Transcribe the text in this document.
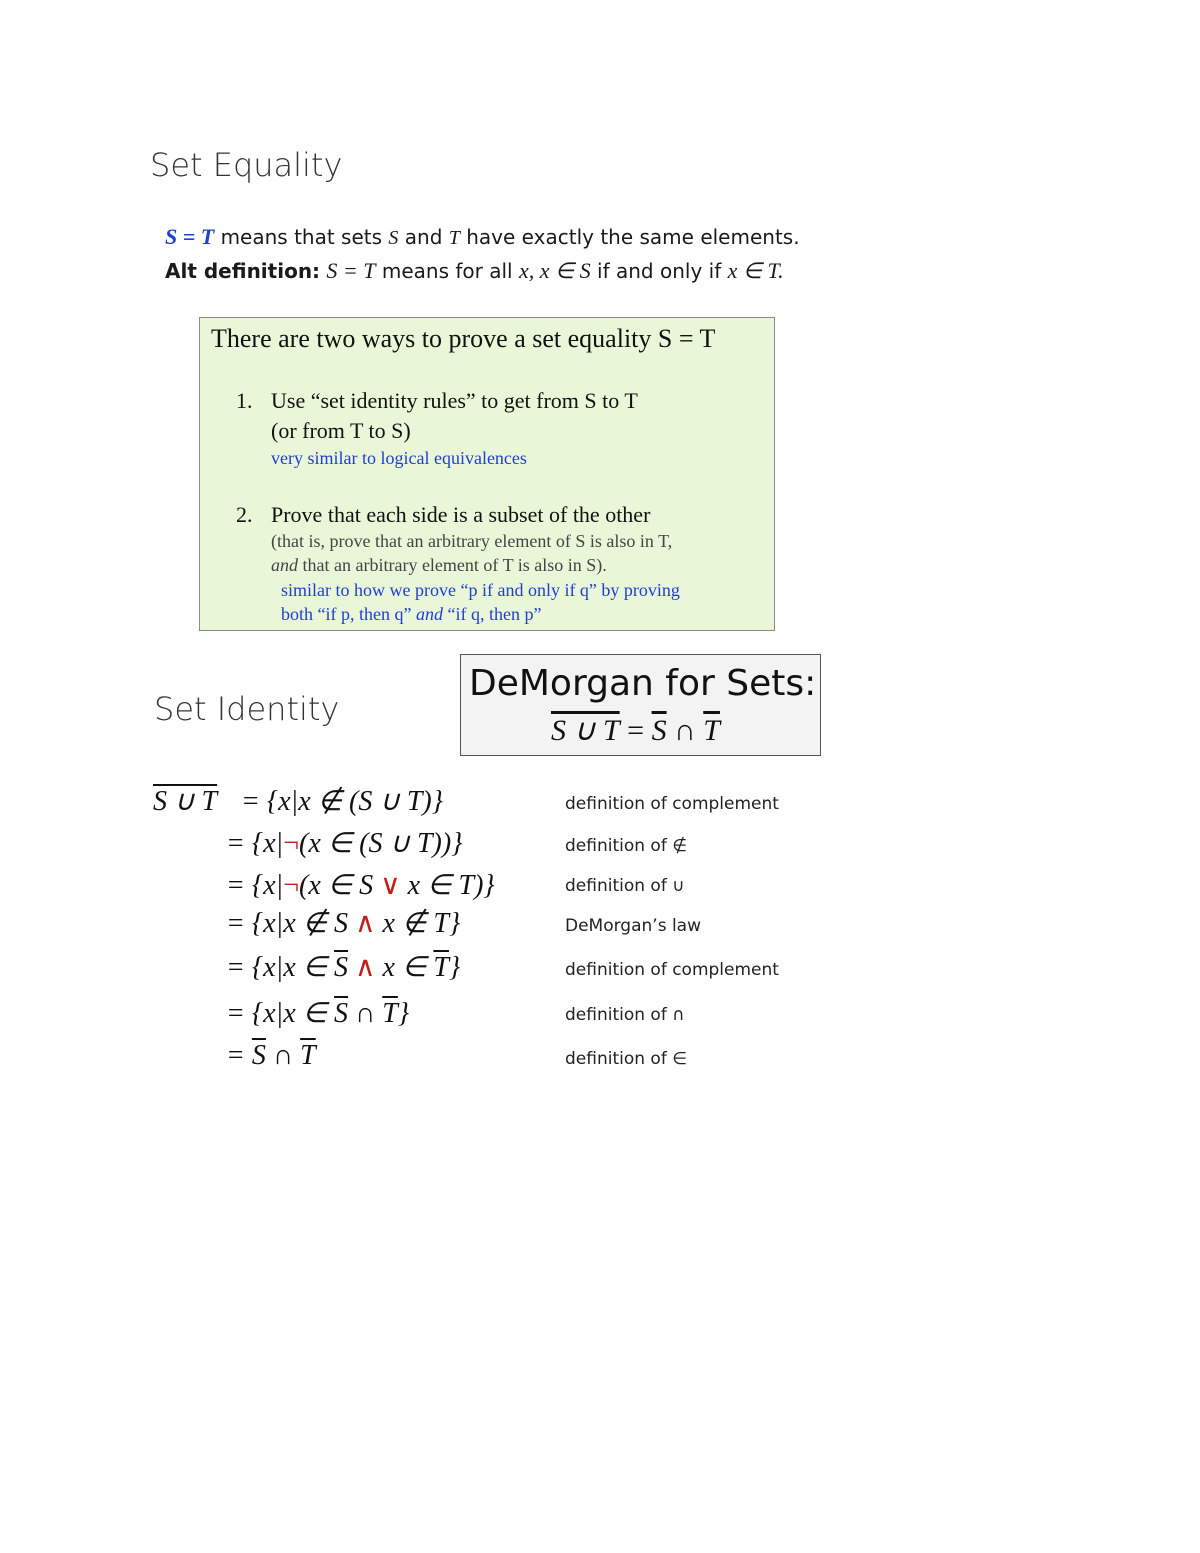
Set Equality
S = T means that sets S and T have exactly the same elements.
Alt definition: S = T means for all x, x ∈ S if and only if x ∈ T.
There are two ways to prove a set equality S = T
1. Use “set identity rules” to get from S to T
(or from T to S)
very similar to logical equivalences
2. Prove that each side is a subset of the other
(that is, prove that an arbitrary element of S is also in T,
and that an arbitrary element of T is also in S).
similar to how we prove “p if and only if q” by proving
both “if p, then q” and “if q, then p”
Set Identity
DeMorgan for Sets:
S ∪ $T = \overline{S}$ ∩ $\overline{T}$
S ∪ T = {x|x ∉ (S ∪ T)}	definition of complement
= {x|¬(x ∈ (S ∪ T))}	definition of ∉
= {x|¬(x ∈ S ∨ x ∈ T)}	definition of ∪
= {x|x ∉ S ∧ x ∉ T}	DeMorgan’s law
= {x|x ∈ $\overline{S}$ ∧ x ∈ $\overline{T}$}	definition of complement
= {x|x ∈ $\overline{S}$ ∩ $\overline{T}$}	definition of ∩
= $\overline{S}$ ∩ $\overline{T}$	definition of ∈
